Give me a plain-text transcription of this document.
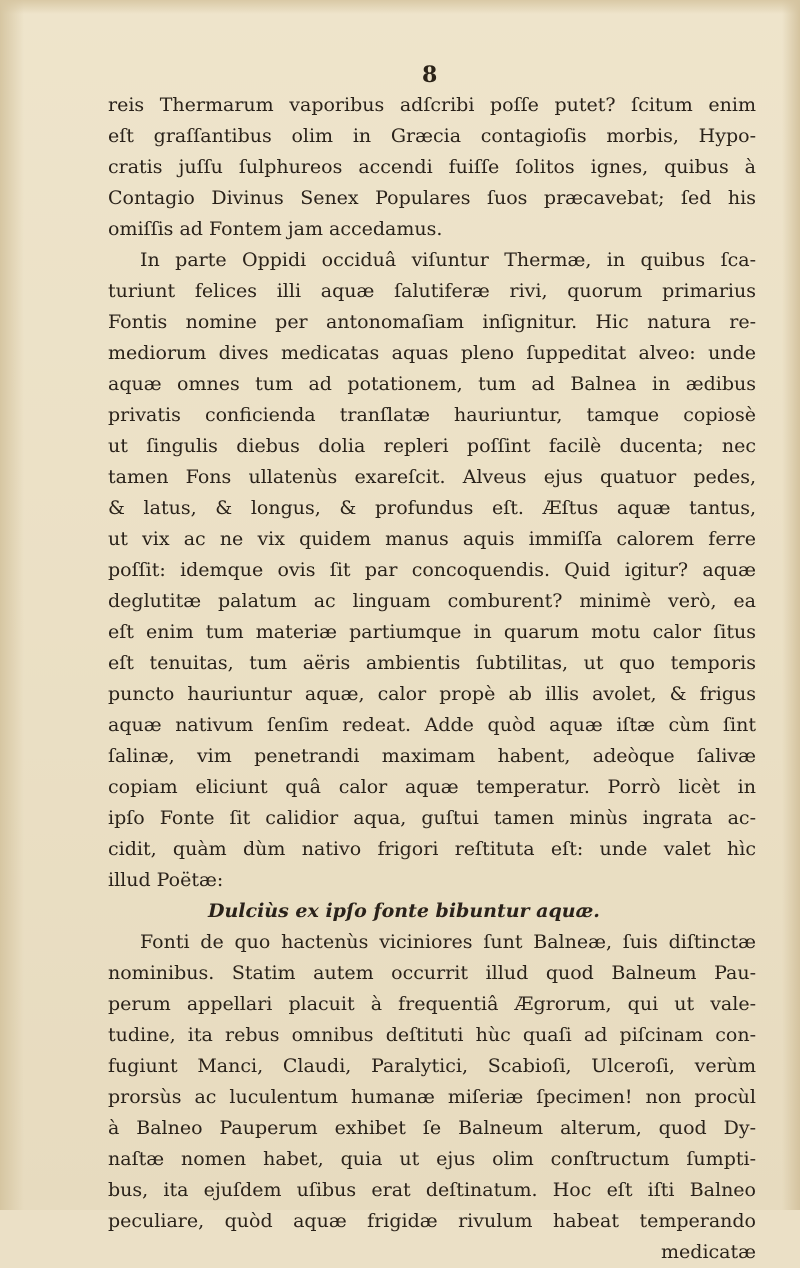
8
reis Thermarum vaporibus adſcribi poſſe putet? ſcitum enim
eſt graſſantibus olim in Græcia contagioſis morbis, Hypo-
cratis juſſu ſulphureos accendi fuiſſe ſolitos ignes, quibus à
Contagio Divinus Senex Populares ſuos præcavebat; ſed his
omiſſis ad Fontem jam accedamus.
In parte Oppidi occiduâ viſuntur Thermæ, in quibus ſca-
turiunt felices illi aquæ ſalutiferæ rivi, quorum primarius
Fontis nomine per antonomaſiam inſignitur. Hic natura re-
mediorum dives medicatas aquas pleno ſuppeditat alveo: unde
aquæ omnes tum ad potationem, tum ad Balnea in ædibus
privatis conficienda tranſlatæ hauriuntur, tamque copiosè
ut ſingulis diebus dolia repleri poſſint facilè ducenta; nec
tamen Fons ullatenùs exareſcit. Alveus ejus quatuor pedes,
& latus, & longus, & profundus eſt. Æſtus aquæ tantus,
ut vix ac ne vix quidem manus aquis immiſſa calorem ferre
poſſit: idemque ovis ſit par concoquendis. Quid igitur? aquæ
deglutitæ palatum ac linguam comburent? minimè verò, ea
eſt enim tum materiæ partiumque in quarum motu calor ſitus
eſt tenuitas, tum aëris ambientis ſubtilitas, ut quo temporis
puncto hauriuntur aquæ, calor propè ab illis avolet, & frigus
aquæ nativum ſenſim redeat. Adde quòd aquæ iſtæ cùm ſint
ſalinæ, vim penetrandi maximam habent, adeòque ſalivæ
copiam eliciunt quâ calor aquæ temperatur. Porrò licèt in
ipſo Fonte ſit calidior aqua, guſtui tamen minùs ingrata ac-
cidit, quàm dùm nativo frigori reſtituta eſt: unde valet hìc
illud Poëtæ:
Dulciùs ex ipſo fonte bibuntur aquæ.
Fonti de quo hactenùs viciniores ſunt Balneæ, ſuis diſtinctæ
nominibus. Statim autem occurrit illud quod Balneum Pau-
perum appellari placuit à frequentiâ Ægrorum, qui ut vale-
tudine, ita rebus omnibus deſtituti hùc quaſi ad piſcinam con-
fugiunt Manci, Claudi, Paralytici, Scabioſi, Ulceroſi, verùm
prorsùs ac luculentum humanæ miſeriæ ſpecimen! non procùl
à Balneo Pauperum exhibet ſe Balneum alterum, quod Dy-
naſtæ nomen habet, quia ut ejus olim conſtructum ſumpti-
bus, ita ejuſdem uſibus erat deſtinatum. Hoc eſt iſti Balneo
peculiare, quòd aquæ frigidæ rivulum habeat temperando
medicatæ
